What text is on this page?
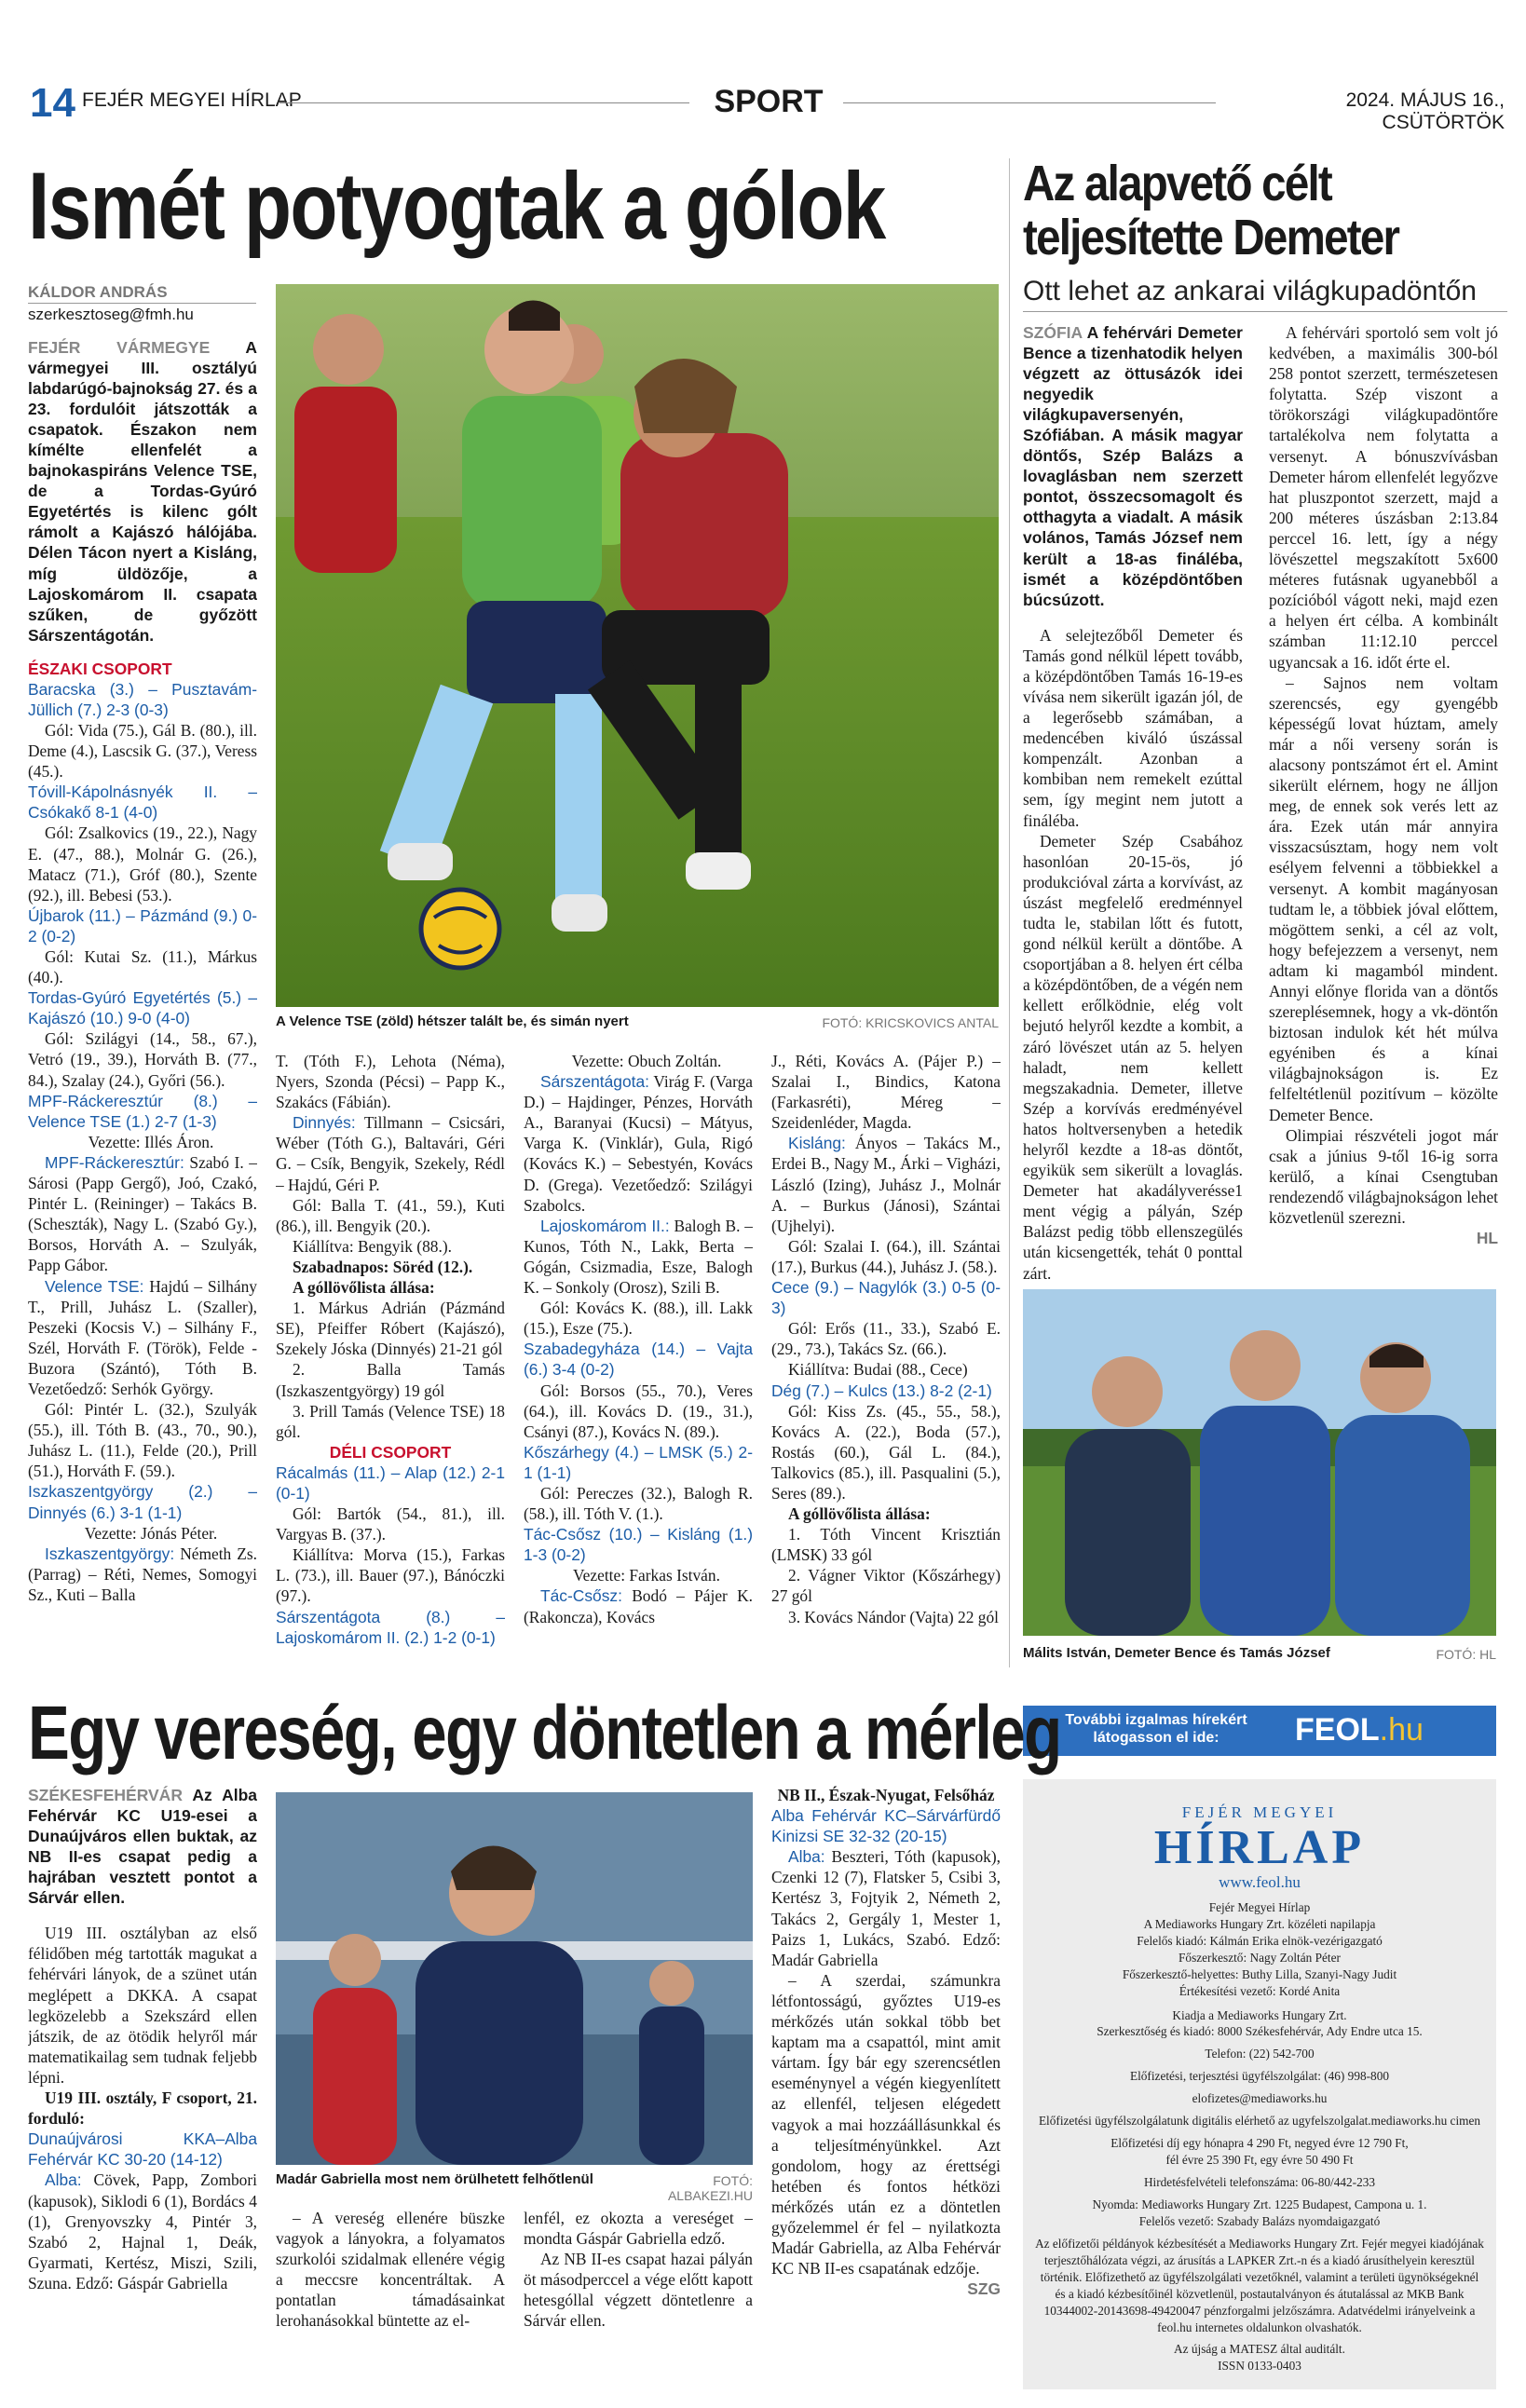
14 FEJÉR MEGYEI HÍRLAP	SPORT	2024. MÁJUS 16., CSÜTÖRTÖK
Ismét potyogtak a gólok
KÁLDOR ANDRÁS
szerkesztoseg@fmh.hu

FEJÉR VÁRMEGYE A vármegyei III. osztályú labdarúgó-bajnokság 27. és a 23. fordulóit játszották a csapatok. Északon nem kímélte ellenfelét a bajnokaspiráns Velence TSE, de a Tordas-Gyúró Egyetértés is kilenc gólt rámolt a Kajászó hálójába. Délen Tácon nyert a Kisláng, míg üldözője, a Lajoskomárom II. csapata szűken, de győzött Sárszentágotán.

ÉSZAKI CSOPORT

Baracska (3.) – Pusztavám-Jüllich (7.) 2-3 (0-3)

Gól: Vida (75.), Gál B. (80.), ill. Deme (4.), Lascsik G. (37.), Veress (45.).

Tóvill-Kápolnásnyék II. – Csókakő 8-1 (4-0)

Gól: Zsalkovics (19., 22.), Nagy E. (47., 88.), Molnár G. (26.), Matacz (71.), Gróf (80.), Szente (92.), ill. Bebesi (53.).

Újbarok (11.) – Pázmánd (9.) 0-2 (0-2)

Gól: Kutai Sz. (11.), Márkus (40.).

Tordas-Gyúró Egyetértés (5.) – Kajászó (10.) 9-0 (4-0)

Gól: Szilágyi (14., 58., 67.), Vetró (19., 39.), Horváth B. (77., 84.), Szalay (24.), Győri (56.).

MPF-Ráckeresztúr (8.) – Velence TSE (1.) 2-7 (1-3)

Vezette: Illés Áron.

MPF-Ráckeresztúr: Szabó I. – Sárosi (Papp Gergő), Joó, Czakó, Pintér L. (Reininger) – Takács B. (Scheszták), Nagy L. (Szabó Gy.), Borsos, Horváth A. – Szulyák, Papp Gábor.

Velence TSE: Hajdú – Silhány T., Prill, Juhász L. (Szaller), Peszeki (Kocsis V.) – Silhány F., Szél, Horváth F. (Török), Felde - Buzora (Szántó), Tóth B. Vezetőedző: Serhók György.

Gól: Pintér L. (32.), Szulyák (55.), ill. Tóth B. (43., 70., 90.), Juhász L. (11.), Felde (20.), Prill (51.), Horváth F. (59.).

Iszkaszentgyörgy (2.) – Dinnyés (6.) 3-1 (1-1)

Vezette: Jónás Péter.

Iszkaszentgyörgy: Németh Zs. (Parrag) – Réti, Nemes, Somogyi Sz., Kuti – Balla

A Velence TSE (zöld) hétszer talált be, és simán nyert	FOTÓ: KRICSKOVICS ANTAL

T. (Tóth F.), Lehota (Néma), Nyers, Szonda (Pécsi) – Papp K., Szakács (Fábián).

Dinnyés: Tillmann – Csicsári, Wéber (Tóth G.), Baltavári, Géri G. – Csík, Bengyik, Szekely, Rédl – Hajdú, Géri P.

Gól: Balla T. (41., 59.), Kuti (86.), ill. Bengyik (20.).

Kiállítva: Bengyik (88.).

Szabadnapos: Söréd (12.).

A góllövőlista állása:

1. Márkus Adrián (Pázmánd SE), Pfeiffer Róbert (Kajászó), Szekely Jóska (Dinnyés) 21-21 gól

2. Balla Tamás (Iszkaszentgyörgy) 19 gól

3. Prill Tamás (Velence TSE) 18 gól.

DÉLI CSOPORT

Rácalmás (11.) – Alap (12.) 2-1 (0-1)

Gól: Bartók (54., 81.), ill. Vargyas B. (37.).

Kiállítva: Morva (15.), Farkas L. (73.), ill. Bauer (97.), Bánóczki (97.).

Sárszentágota (8.) – Lajoskomárom II. (2.) 1-2 (0-1)

Vezette: Obuch Zoltán.

Sárszentágota: Virág F. (Varga D.) – Hajdinger, Pénzes, Horváth A., Baranyai (Kucsi) – Mátyus, Varga K. (Vinklár), Gula, Rigó (Kovács K.) – Sebestyén, Kovács D. (Grega). Vezetőedző: Szilágyi Szabolcs.

Lajoskomárom II.: Balogh B. – Kunos, Tóth N., Lakk, Berta – Gógán, Csizmadia, Esze, Balogh K. – Sonkoly (Orosz), Szili B.

Gól: Kovács K. (88.), ill. Lakk (15.), Esze (75.).

Szabadegyháza (14.) – Vajta (6.) 3-4 (0-2)

Gól: Borsos (55., 70.), Veres (64.), ill. Kovács D. (19., 31.), Csányi (87.), Kovács N. (89.).

Kőszárhegy (4.) – LMSK (5.) 2-1 (1-1)

Gól: Pereczes (32.), Balogh R. (58.), ill. Tóth V. (1.).

Tác-Csősz (10.) – Kisláng (1.) 1-3 (0-2)

Vezette: Farkas István.

Tác-Csősz: Bodó – Pájer K. (Rakoncza), Kovács

J., Réti, Kovács A. (Pájer P.) – Szalai I., Bindics, Katona (Farkasréti), Méreg – Szeidenléder, Magda.

Kisláng: Ányos – Takács M., Erdei B., Nagy M., Árki – Vigházi, László (Izing), Juhász J., Molnár A. – Burkus (Jánosi), Szántai (Ujhelyi).

Gól: Szalai I. (64.), ill. Szántai (17.), Burkus (44.), Juhász J. (58.).

Cece (9.) – Nagylók (3.) 0-5 (0-3)

Gól: Erős (11., 33.), Szabó E. (29., 73.), Takács Sz. (66.).

Kiállítva: Budai (88., Cece)

Dég (7.) – Kulcs (13.) 8-2 (2-1)

Gól: Kiss Zs. (45., 55., 58.), Kovács A. (22.), Boda (57.), Rostás (60.), Gál L. (84.), Talkovics (85.), ill. Pasqualini (5.), Seres (89.).

A góllövőlista állása:

1. Tóth Vincent Krisztián (LMSK) 33 gól

2. Vágner Viktor (Kőszárhegy) 27 gól

3. Kovács Nándor (Vajta) 22 gól

Az alapvető célt teljesítette Demeter
Ott lehet az ankarai világkupadöntőn

SZÓFIA A fehérvári Demeter Bence a tizenhatodik helyen végzett az öttusázók idei negyedik világkupaversenyén, Szófiában. A másik magyar döntős, Szép Balázs a lovaglásban nem szerzett pontot, összecsomagolt és otthagyta a viadalt. A másik volános, Tamás József nem került a 18-as fináléba, ismét a középdöntőben búcsúzott.

A selejtezőből Demeter és Tamás gond nélkül lépett tovább, a középdöntőben Tamás 16-19-es vívása nem sikerült igazán jól, de a legerősebb számában, a medencében kiváló úszással kompenzált. Azonban a kombiban nem remekelt ezúttal sem, így megint nem jutott a fináléba.

Demeter Szép Csabához hasonlóan 20-15-ös, jó produkcióval zárta a korvívást, az úszást megfelelő eredménnyel tudta le, stabilan lőtt és futott, gond nélkül került a döntőbe. A csoportjában a 8. helyen ért célba a középdöntőben, de a végén nem kellett erőlködnie, elég volt bejutó helyről kezdte a kombit, a záró lövészet után az 5. helyen haladt, nem kellett megszakadnia. Demeter, illetve Szép a korvívás eredményével hatos holtversenyben a hetedik helyről kezdte a 18-as döntőt, egyikük sem sikerült a lovaglás. Demeter hat akadályverésse1 ment végig a pályán, Szép Balázst pedig több ellenszegülés után kicsengették, tehát 0 ponttal zárt.

A fehérvári sportoló sem volt jó kedvében, a maximális 300-ból 258 pontot szerzett, természetesen folytatta. Szép viszont a törökországi világkupadöntőre tartalékolva nem folytatta a versenyt. A bónuszvívásban Demeter három ellenfelét legyőzve hat pluszpontot szerzett, majd a 200 méteres úszásban 2:13.84 perccel 16. lett, így a négy lövészettel megszakított 5x600 méteres futásnak ugyanebből a pozícióból vágott neki, majd ezen a helyen ért célba. A kombinált számban 11:12.10 perccel ugyancsak a 16. időt érte el.

– Sajnos nem voltam szerencsés, egy gyengébb képességű lovat húztam, amely már a női verseny során is alacsony pontszámot ért el. Amint sikerült elérnem, hogy ne álljon meg, de ennek sok verés lett az ára. Ezek után már annyira visszacsúsztam, hogy nem volt esélyem felvenni a többiekkel a versenyt. A kombit magányosan tudtam le, a többiek jóval előttem, mögöttem senki, a cél az volt, hogy befejezzem a versenyt, nem adtam ki magamból mindent. Annyi előnye florida van a döntős szereplésemnek, hogy a vk-döntőn biztosan indulok két hét múlva egyéniben és a kínai világbajnokságon is. Ez felfeltétlenül pozitívum – közölte Demeter Bence.

Olimpiai részvételi jogot már csak a június 9-től 16-ig sorra kerülő, a kínai Csengtuban rendezendő világbajnokságon lehet közvetlenül szerezni.

HL

Málits István, Demeter Bence és Tamás József	FOTÓ: HL
További izgalmas hírekért látogasson el ide:	FEOL.hu
Egy vereség, egy döntetlen a mérleg

SZÉKESFEHÉRVÁR Az Alba Fehérvár KC U19-esei a Dunaújváros ellen buktak, az NB II-es csapat pedig a hajrában vesztett pontot a Sárvár ellen.

U19 III. osztályban az első félidőben még tartották magukat a fehérvári lányok, de a szünet után meglépett a DKKA. A csapat legközelebb a Szekszárd ellen játszik, de az ötödik helyről már matematikailag sem tudnak feljebb lépni.

U19 III. osztály, F csoport, 21. forduló:

Dunaújvárosi KKA–Alba Fehérvár KC 30-20 (14-12)

Alba: Cövek, Papp, Zombori (kapusok), Siklodi 6 (1), Bordács 4 (1), Grenyovszky 4, Pintér 3, Szabó 2, Hajnal 1, Deák, Gyarmati, Kertész, Miszi, Szili, Szuna. Edző: Gáspár Gabriella

Madár Gabriella most nem örülhetett felhőtlenül	FOTÓ: ALBAKEZI.HU

– A vereség ellenére büszke vagyok a lányokra, a folyamatos szurkolói szidalmak ellenére végig a meccsre koncentráltak. A pontatlan támadásainkat lerohanásokkal büntette az el-

lenfél, ez okozta a vereséget – mondta Gáspár Gabriella edző.

Az NB II-es csapat hazai pályán öt másodperccel a vége előtt kapott hetesgóllal végzett döntetlenre a Sárvár ellen.

NB II., Észak-Nyugat, Felsőház

Alba Fehérvár KC–Sárvárfürdő Kinizsi SE 32-32 (20-15)

Alba: Beszteri, Tóth (kapusok), Czenki 12 (7), Flatsker 5, Csibi 3, Kertész 3, Fojtyik 2, Németh 2, Takács 2, Gergály 1, Mester 1, Paizs 1, Lukács, Szabó. Edző: Madár Gabriella

– A szerdai, számunkra létfontosságú, győztes U19-es mérkőzés után sokkal több bet kaptam ma a csapattól, mint amit vártam. Így bár egy szerencsétlen eseménynyel a végén kiegyenlített az ellenfél, teljesen elégedett vagyok a mai hozzáállásunkkal és a teljesítményünkkel. Azt gondolom, hogy az érettségi hetében és fontos hétközi mérkőzés után ez a döntetlen győzelemmel ér fel – nyilatkozta Madár Gabriella, az Alba Fehérvár KC NB II-es csapatának edzője.

SZG

FEJÉR MEGYEI

HÍRLAP

www.feol.hu

Fejér Megyei Hírlap

A Mediaworks Hungary Zrt. közéleti napilapja

Felelős kiadó: Kálmán Erika elnök-vezérigazgató

Főszerkesztő: Nagy Zoltán Péter

Főszerkesztő-helyettes: Buthy Lilla, Szanyi-Nagy Judit

Értékesítési vezető: Kordé Anita

Kiadja a Mediaworks Hungary Zrt.

Szerkesztőség és kiadó: 8000 Székesfehérvár, Ady Endre utca 15.

Telefon: (22) 542-700

Előfizetési, terjesztési ügyfélszolgálat: (46) 998-800

elofizetes@mediaworks.hu

Előfizetési ügyfélszolgálatunk digitális elérhető az ugyfelszolgalat.mediaworks.hu cimen

Előfizetési díj egy hónapra 4 290 Ft, negyed évre 12 790 Ft,

fél évre 25 390 Ft, egy évre 50 490 Ft

Hirdetésfelvételi telefonszáma: 06-80/442-233

Nyomda: Mediaworks Hungary Zrt. 1225 Budapest, Campona u. 1.

Felelős vezető: Szabady Balázs nyomdaigazgató

Az előfizetői példányok kézbesítését a Mediaworks Hungary Zrt. Fejér megyei kiadójának terjesztőhálózata végzi, az árusítás a LAPKER Zrt.-n és a kiadó árusíthelyein keresztül történik. Előfizethető az ügyfélszolgálati vezetőknél, valamint a területi ügynökségeknél és a kiadó kézbesítőinél közvetlenül, postautalványon és átutalással az MKB Bank 10344002-20143698-49420047 pénzforgalmi jelzőszámra. Adatvédelmi irányelveink a feol.hu internetes oldalunkon olvashatók.

Az újság a MATESZ által auditált.

ISSN 0133-0403
